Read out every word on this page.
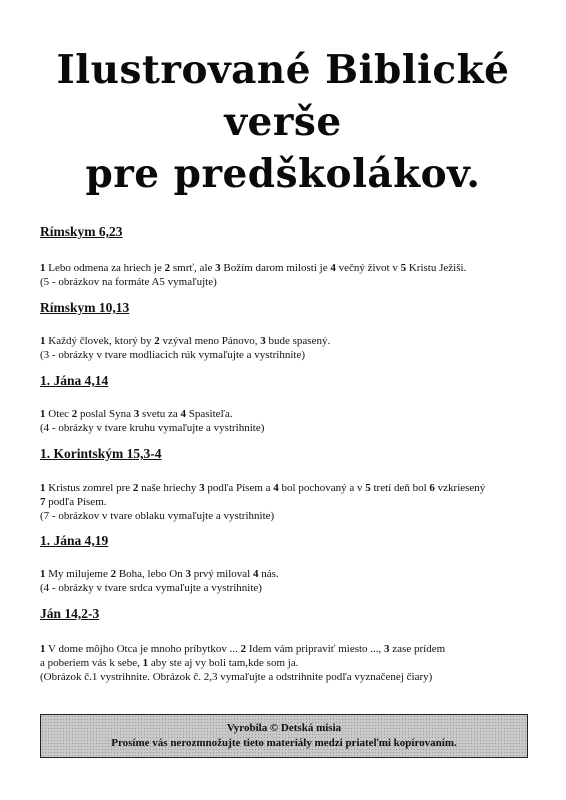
Ilustrované Biblické
verše
pre predškolákov.
Rímskym 6,23
1 Lebo odmena za hriech je 2 smrť, ale 3 Božím darom milosti je 4 večný život v 5 Kristu Ježiši.
(5 - obrázkov na formáte A5 vymaľujte)
Rímskym 10,13
1 Každý človek, ktorý by 2 vzýval meno Pánovo, 3 bude spasený.
(3 - obrázky v tvare modliacich rúk vymaľujte a vystrihnite)
1. Jána 4,14
1 Otec 2 poslal Syna 3 svetu za 4 Spasiteľa.
(4 - obrázky v tvare kruhu vymaľujte a vystrihnite)
1. Korintským 15,3-4
1 Kristus zomrel pre 2 naše hriechy 3 podľa Písem a 4 bol pochovaný a v 5 tretí deň bol 6 vzkriesený
7 podľa Písem.
(7 - obrázkov v tvare oblaku vymaľujte a vystrihnite)
1. Jána 4,19
1 My milujeme 2 Boha, lebo On 3 prvý miloval 4 nás.
(4 - obrázky v tvare srdca vymaľujte a vystrihnite)
Ján 14,2-3
1 V dome môjho Otca je mnoho príbytkov ... 2 Idem vám pripraviť miesto ..., 3 zase prídem
a poberiem vás k sebe, 1 aby ste aj vy boli tam,kde som ja.
(Obrázok č.1 vystrihnite. Obrázok č. 2,3 vymaľujte a odstrihnite podľa vyznačenej čiary)
Vyrobila © Detská misia
Prosíme vás nerozmnožujte tieto materiály medzi priateľmi kopírovaním.
